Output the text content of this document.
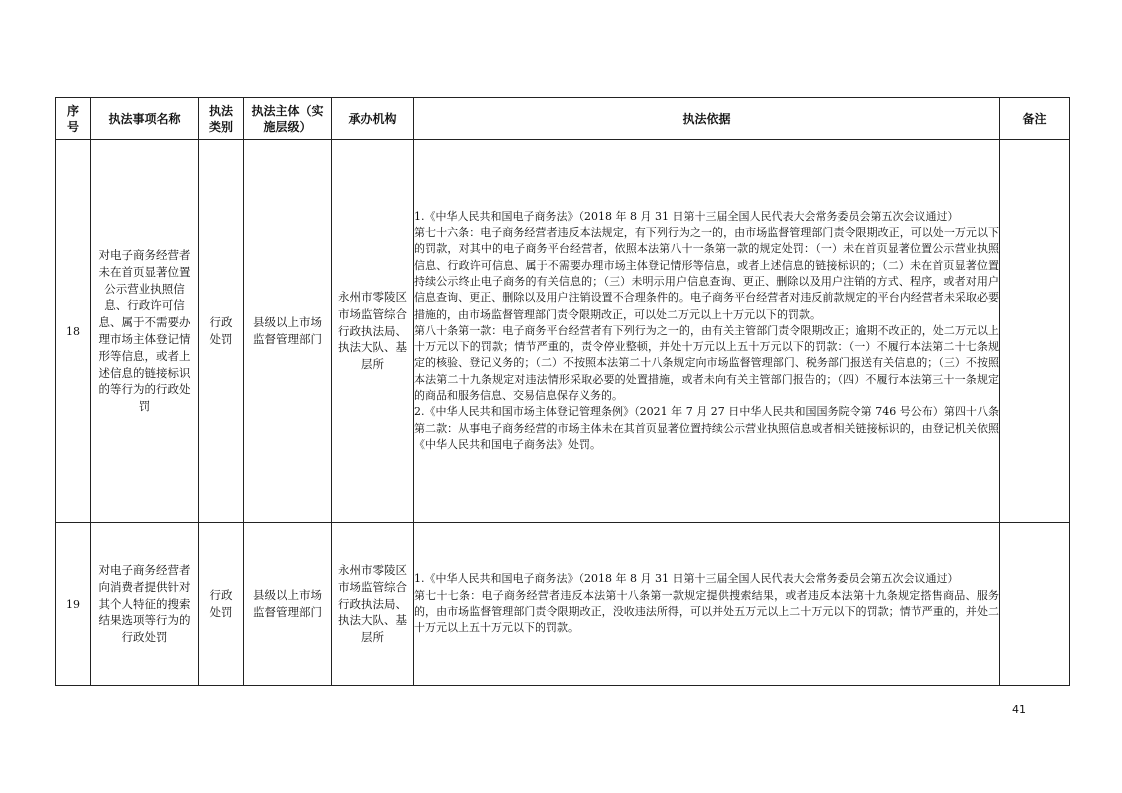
序号	执法事项名称	执法类别	执法主体（实施层级）	承办机构	执法依据	备注
18	对电子商务经营者未在首页显著位置公示营业执照信息、行政许可信息、属于不需要办理市场主体登记情形等信息，或者上述信息的链接标识的等行为的行政处罚	行政处罚	县级以上市场监督管理部门	永州市零陵区市场监管综合行政执法局、执法大队、基层所	1.《中华人民共和国电子商务法》（2018 年 8 月 31 日第十三届全国人民代表大会常务委员会第五次会议通过）

第七十六条：电子商务经营者违反本法规定，有下列行为之一的，由市场监督管理部门责令限期改正，可以处一万元以下的罚款，对其中的电子商务平台经营者，依照本法第八十一条第一款的规定处罚：（一）未在首页显著位置公示营业执照信息、行政许可信息、属于不需要办理市场主体登记情形等信息，或者上述信息的链接标识的；（二）未在首页显著位置持续公示终止电子商务的有关信息的；（三）未明示用户信息查询、更正、删除以及用户注销的方式、程序，或者对用户信息查询、更正、删除以及用户注销设置不合理条件的。电子商务平台经营者对违反前款规定的平台内经营者未采取必要措施的，由市场监督管理部门责令限期改正，可以处二万元以上十万元以下的罚款。

第八十条第一款：电子商务平台经营者有下列行为之一的，由有关主管部门责令限期改正；逾期不改正的，处二万元以上十万元以下的罚款；情节严重的，责令停业整顿，并处十万元以上五十万元以下的罚款：（一）不履行本法第二十七条规定的核验、登记义务的；（二）不按照本法第二十八条规定向市场监督管理部门、税务部门报送有关信息的；（三）不按照本法第二十九条规定对违法情形采取必要的处置措施，或者未向有关主管部门报告的；（四）不履行本法第三十一条规定的商品和服务信息、交易信息保存义务的。

2.《中华人民共和国市场主体登记管理条例》（2021 年 7 月 27 日中华人民共和国国务院令第 746 号公布）第四十八条第二款：从事电子商务经营的市场主体未在其首页显著位置持续公示营业执照信息或者相关链接标识的，由登记机关依照《中华人民共和国电子商务法》处罚。	

19	对电子商务经营者向消费者提供针对其个人特征的搜索结果选项等行为的行政处罚	行政处罚	县级以上市场监督管理部门	永州市零陵区市场监管综合行政执法局、执法大队、基层所	1.《中华人民共和国电子商务法》（2018 年 8 月 31 日第十三届全国人民代表大会常务委员会第五次会议通过）

第七十七条：电子商务经营者违反本法第十八条第一款规定提供搜索结果，或者违反本法第十九条规定搭售商品、服务的，由市场监督管理部门责令限期改正，没收违法所得，可以并处五万元以上二十万元以下的罚款；情节严重的，并处二十万元以上五十万元以下的罚款。	

41
